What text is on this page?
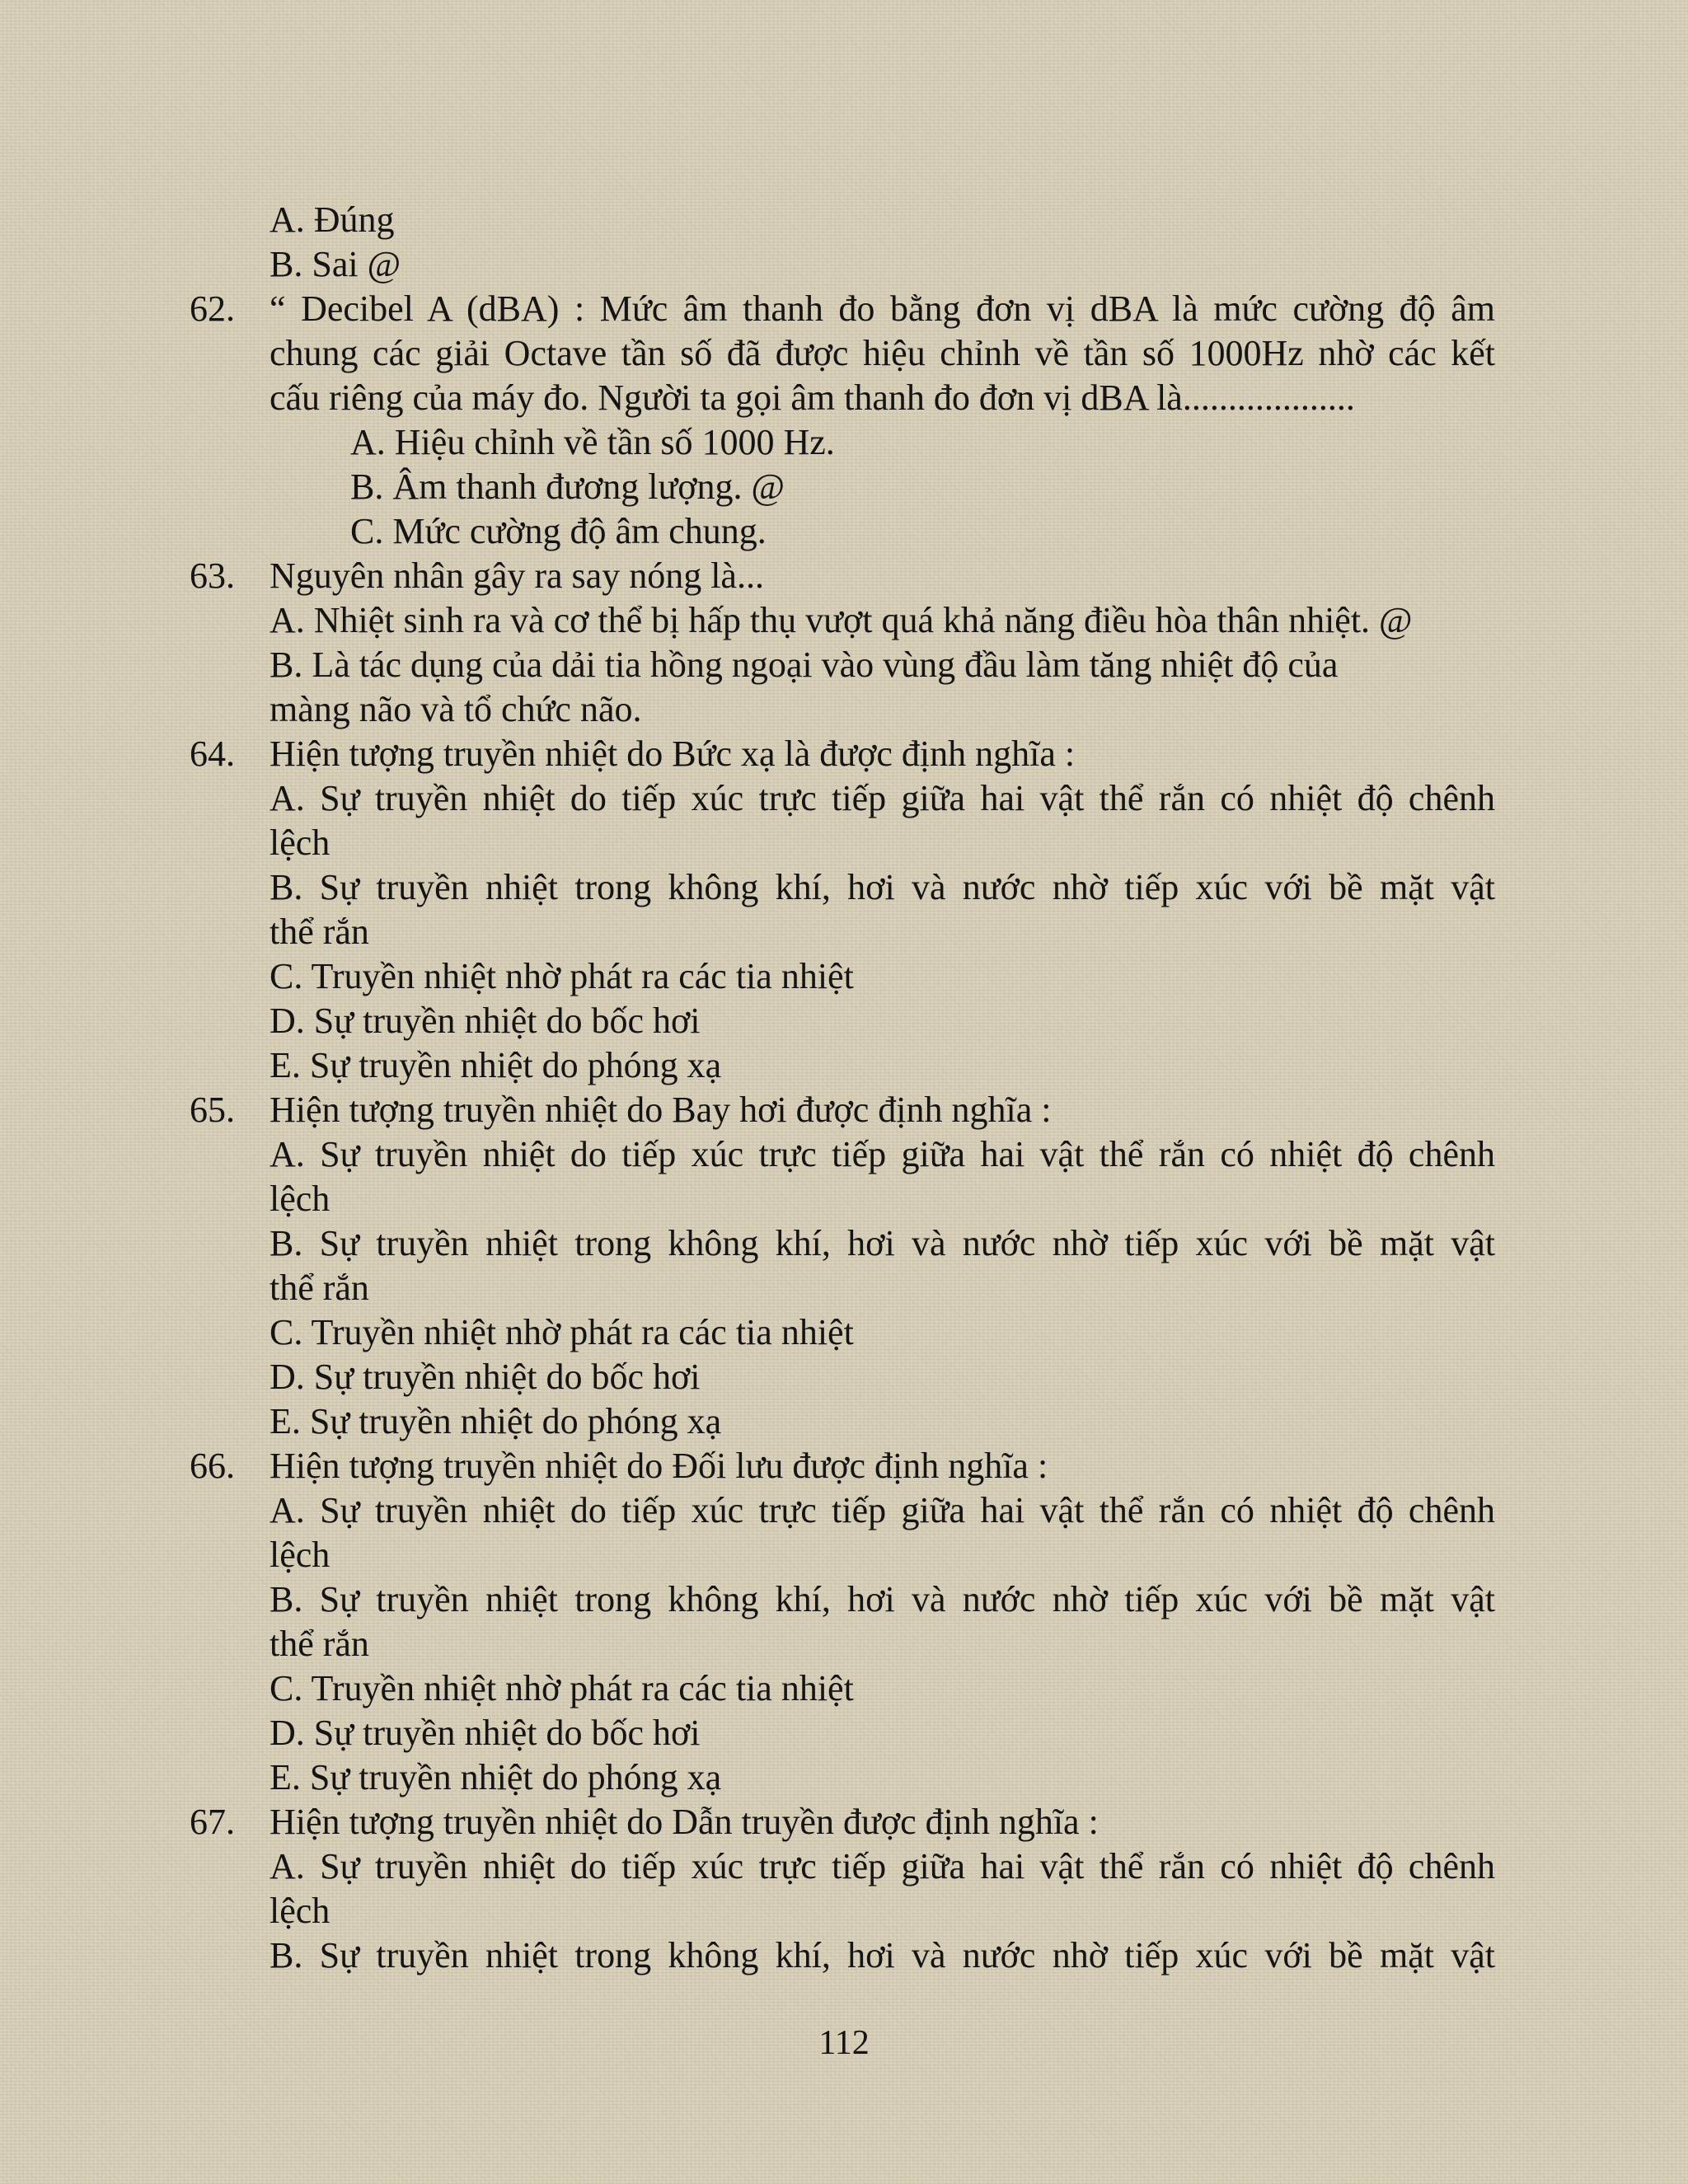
A. Đúng
B. Sai @
62. “ Decibel A (dBA) : Mức âm thanh đo bằng đơn vị dBA là mức cường độ âm
chung các giải Octave tần số đã được hiệu chỉnh về tần số 1000Hz nhờ các kết
cấu riêng của máy đo. Người ta gọi âm thanh đo đơn vị dBA là...................
A. Hiệu chỉnh về tần số 1000 Hz.
B. Âm thanh đương lượng. @
C. Mức cường độ âm chung.
63. Nguyên nhân gây ra say nóng là...
A. Nhiệt sinh ra và cơ thể bị hấp thụ vượt quá khả năng điều hòa thân nhiệt. @
B. Là tác dụng của dải tia hồng ngoại vào vùng đầu làm tăng nhiệt độ của
màng não và tổ chức não.
64. Hiện tượng truyền nhiệt do Bức xạ là được định nghĩa :
A. Sự truyền nhiệt do tiếp xúc trực tiếp giữa hai vật thể rắn có nhiệt độ chênh
lệch
B. Sự truyền nhiệt trong không khí, hơi và nước nhờ tiếp xúc với bề mặt vật
thể rắn
C. Truyền nhiệt nhờ phát ra các tia nhiệt
D. Sự truyền nhiệt do bốc hơi
E. Sự truyền nhiệt do phóng xạ
65. Hiện tượng truyền nhiệt do Bay hơi được định nghĩa :
A. Sự truyền nhiệt do tiếp xúc trực tiếp giữa hai vật thể rắn có nhiệt độ chênh
lệch
B. Sự truyền nhiệt trong không khí, hơi và nước nhờ tiếp xúc với bề mặt vật
thể rắn
C. Truyền nhiệt nhờ phát ra các tia nhiệt
D. Sự truyền nhiệt do bốc hơi
E. Sự truyền nhiệt do phóng xạ
66. Hiện tượng truyền nhiệt do Đối lưu được định nghĩa :
A. Sự truyền nhiệt do tiếp xúc trực tiếp giữa hai vật thể rắn có nhiệt độ chênh
lệch
B. Sự truyền nhiệt trong không khí, hơi và nước nhờ tiếp xúc với bề mặt vật
thể rắn
C. Truyền nhiệt nhờ phát ra các tia nhiệt
D. Sự truyền nhiệt do bốc hơi
E. Sự truyền nhiệt do phóng xạ
67. Hiện tượng truyền nhiệt do Dẫn truyền được định nghĩa :
A. Sự truyền nhiệt do tiếp xúc trực tiếp giữa hai vật thể rắn có nhiệt độ chênh
lệch
B. Sự truyền nhiệt trong không khí, hơi và nước nhờ tiếp xúc với bề mặt vật
112
